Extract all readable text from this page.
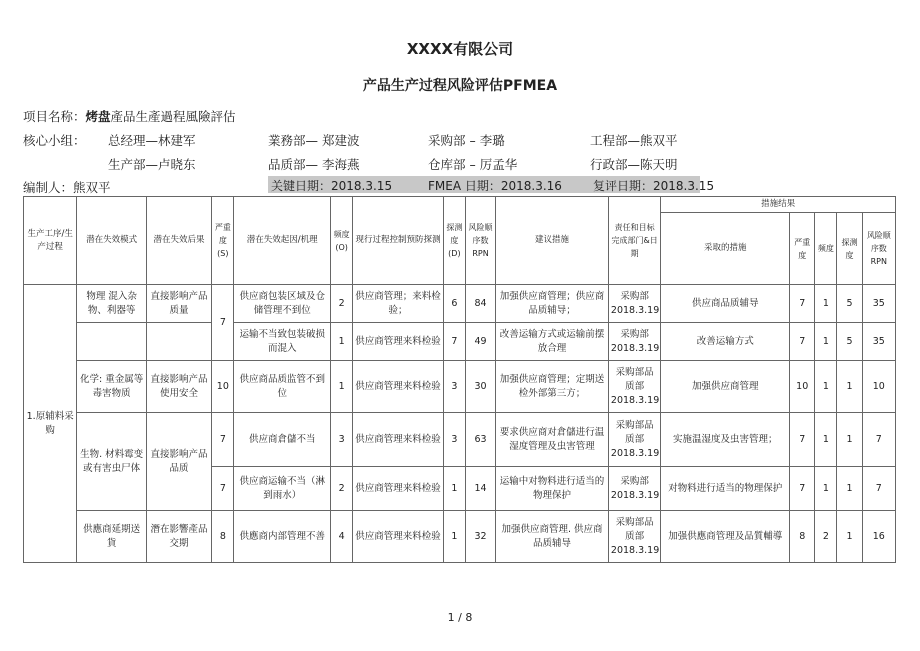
XXXX有限公司
产品生产过程风险评估PFMEA
项目名称：烤盘產品生產過程風險評估
核心小组： 总经理—林建军	業務部— 郑建波	采购部 – 李璐	工程部—熊双平
生产部—卢晓东	品质部— 李海燕	仓库部 – 厉孟华	行政部—陈天明
编制人：熊双平	关键日期：2018.3.15	FMEA 日期：2018.3.16	复评日期：2018.3.15
生产工序/生产过程	潜在失效模式	潜在失效后果	严重度(S)	潜在失效起因/机理	频度(O)	现行过程控制预防探测	探测度(D)	风险顺序数RPN	建议措施	责任和目标完成部门&日期	措施结果				
											采取的措施	严重度	频度	探测度	风险顺序数RPN
1.原辅料采购	物理 混入杂物、利器等	直接影响产品质量	7	供应商包装区域及仓储管理不到位	2	供应商管理；来料检验；	6	84	加强供应商管理；供应商品质辅导；	采购部2018.3.19	供应商品质辅导	7	1	5	35
				运输不当致包装破损而混入	1	供应商管理来料检验	7	49	改善运输方式或运输前摆放合理	采购部2018.3.19	改善运输方式	7	1	5	35
	化学: 重金属等毒害物质	直接影响产品使用安全	10	供应商品质监管不到位	1	供应商管理来料检验	3	30	加强供应商管理；定期送检外部第三方；	采购部品质部2018.3.19	加强供应商管理	10	1	1	10
	生物. 材料霉变或有害虫尸体	直接影响产品品质	7	供应商倉儲不当	3	供应商管理来料检验	3	63	要求供应商对倉儲进行温湿度管理及虫害管理	采购部品质部2018.3.19	实施温湿度及虫害管理；	7	1	1	7
			7	供应商运输不当（淋到雨水）	2	供应商管理来料检验	1	14	运输中对物料进行适当的物理保护	采购部2018.3.19	对物料进行适当的物理保护	7	1	1	7
	供應商延期送貨	潛在影響產品交期	8	供應商内部管理不善	4	供应商管理来料检验	1	32	加强供应商管理. 供应商品质辅导	采购部品质部2018.3.19	加强供應商管理及品質輔導	8	2	1	16
1 / 8
